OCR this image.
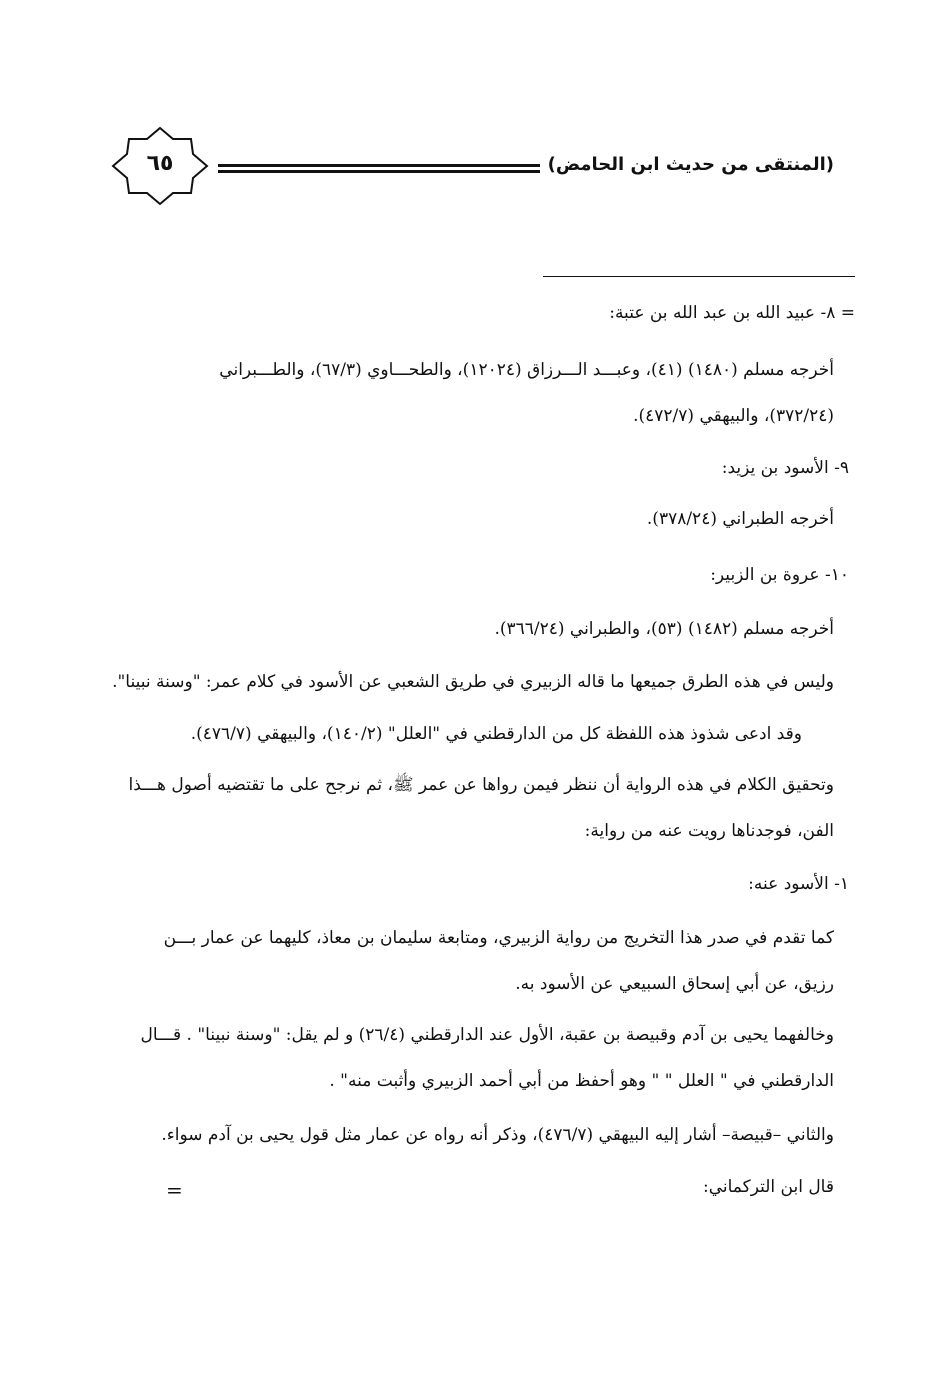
(المنتقى من حديث ابن الحامض)
٦٥
= ٨- عبيد الله بن عبد الله بن عتبة:
أخرجه مسلم (١٤٨٠) (٤١)، وعبـــد الـــرزاق (١٢٠٢٤)، والطحـــاوي (٦٧/٣)، والطـــبراني
(٣٧٢/٢٤)، والبيهقي (٤٧٢/٧).
٩- الأسود بن يزيد:
أخرجه الطبراني (٣٧٨/٢٤).
١٠- عروة بن الزبير:
أخرجه مسلم (١٤٨٢) (٥٣)، والطبراني (٣٦٦/٢٤).
وليس في هذه الطرق جميعها ما قاله الزبيري في طريق الشعبي عن الأسود في كلام عمر: "وسنة نبينا".
وقد ادعى شذوذ هذه اللفظة كل من الدارقطني في "العلل" (١٤٠/٢)، والبيهقي (٤٧٦/٧).
وتحقيق الكلام في هذه الرواية أن ننظر فيمن رواها عن عمر ﷺ، ثم نرجح على ما تقتضيه أصول هـــذا
الفن، فوجدناها رويت عنه من رواية:
١- الأسود عنه:
كما تقدم في صدر هذا التخريج من رواية الزبيري، ومتابعة سليمان بن معاذ، كليهما عن عمار بـــن
رزيق، عن أبي إسحاق السبيعي عن الأسود به.
وخالفهما يحيى بن آدم وقبيصة بن عقبة، الأول عند الدارقطني (٢٦/٤) و لم يقل: "وسنة نبينا" . قـــال
الدارقطني في " العلل " " وهو أحفظ من أبي أحمد الزبيري وأثبت منه" .
والثاني –قبيصة– أشار إليه البيهقي (٤٧٦/٧)، وذكر أنه رواه عن عمار مثل قول يحيى بن آدم سواء.
قال ابن التركماني:
=
